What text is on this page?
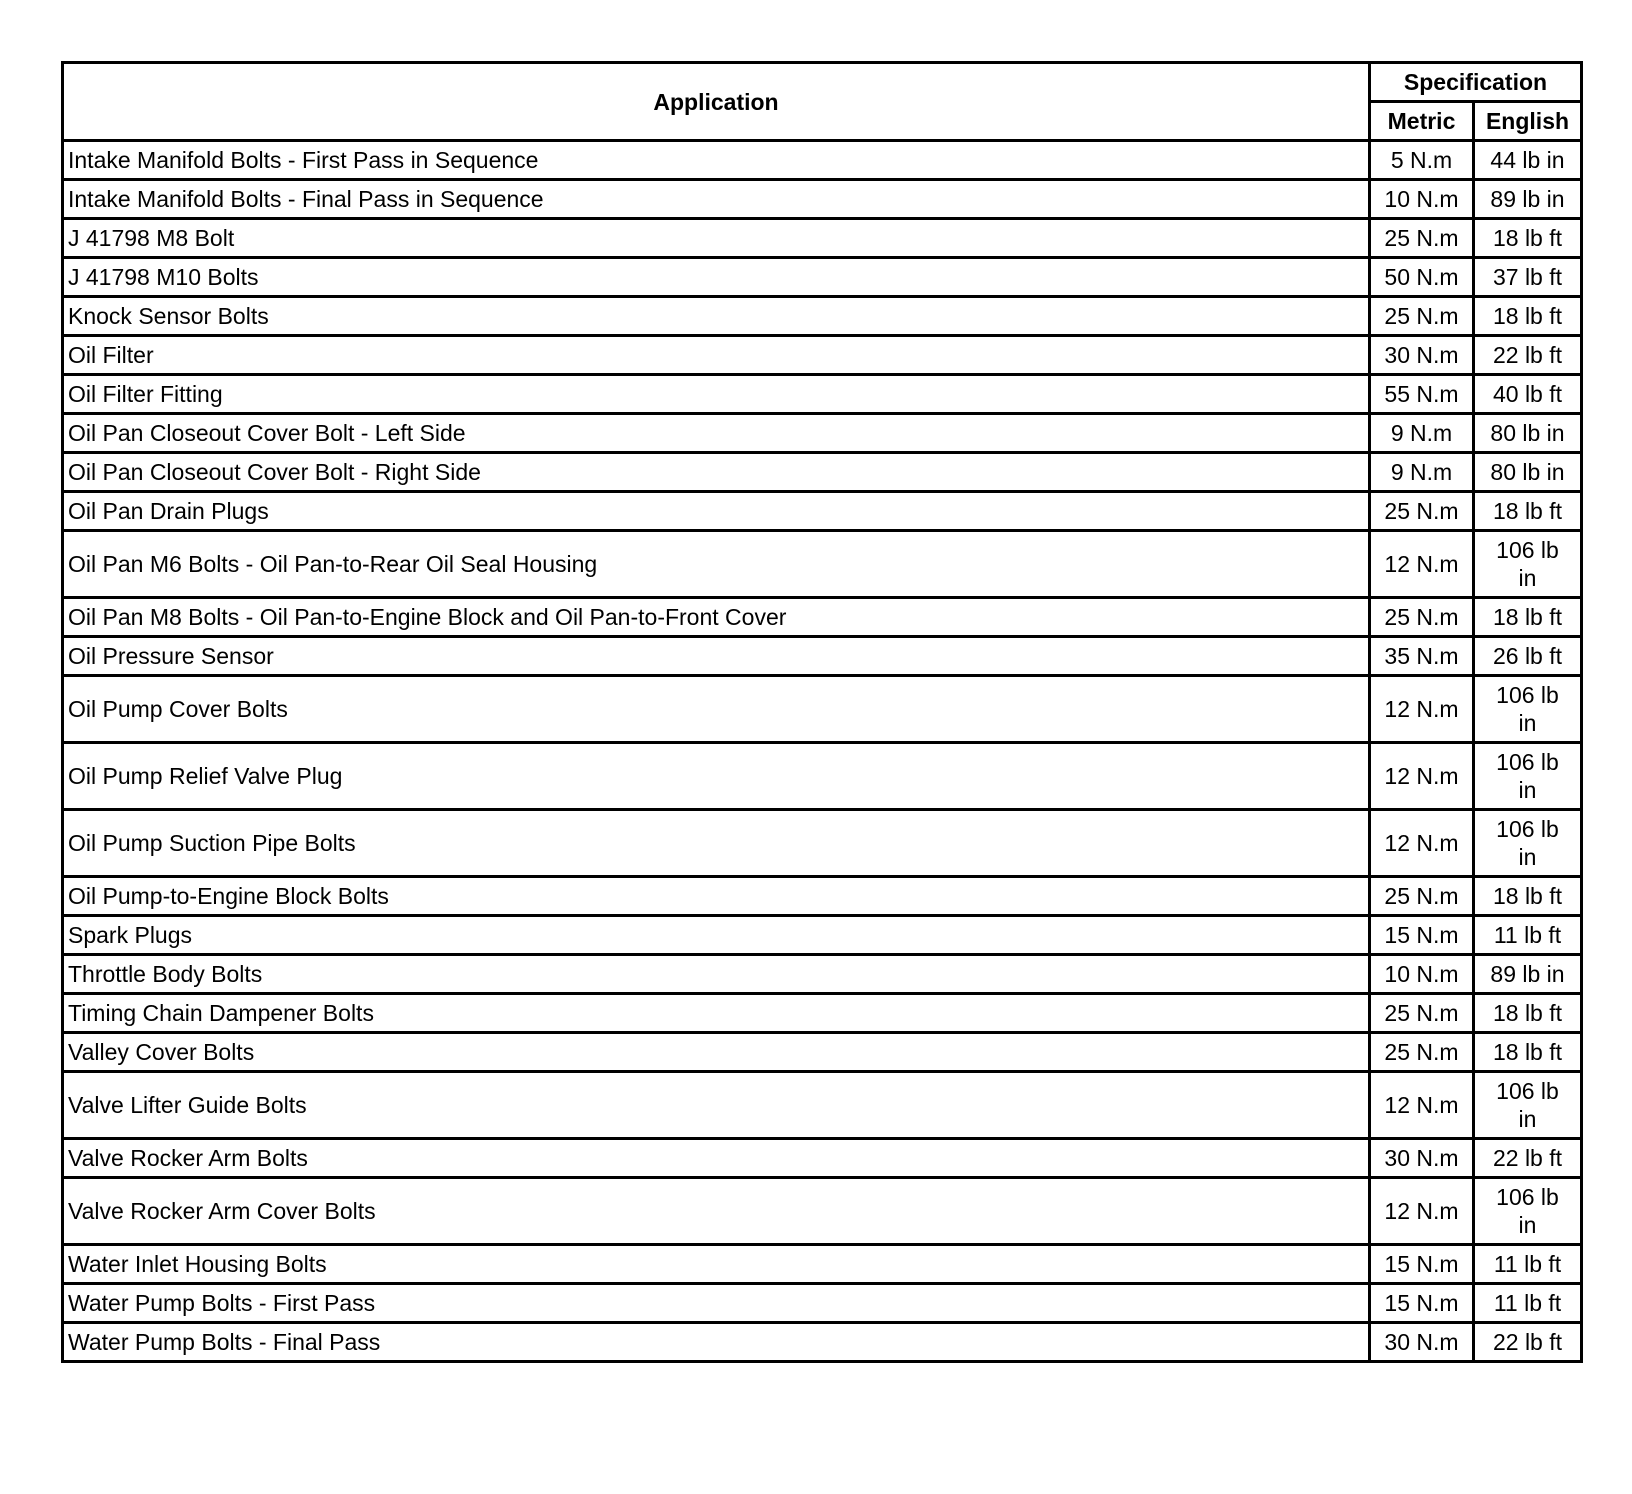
Application	Specification	
	Metric	English
Intake Manifold Bolts - First Pass in Sequence	5 N.m	44 lb in
Intake Manifold Bolts - Final Pass in Sequence	10 N.m	89 lb in
J 41798 M8 Bolt	25 N.m	18 lb ft
J 41798 M10 Bolts	50 N.m	37 lb ft
Knock Sensor Bolts	25 N.m	18 lb ft
Oil Filter	30 N.m	22 lb ft
Oil Filter Fitting	55 N.m	40 lb ft
Oil Pan Closeout Cover Bolt - Left Side	9 N.m	80 lb in
Oil Pan Closeout Cover Bolt - Right Side	9 N.m	80 lb in
Oil Pan Drain Plugs	25 N.m	18 lb ft
Oil Pan M6 Bolts - Oil Pan-to-Rear Oil Seal Housing	12 N.m	106 lb in
Oil Pan M8 Bolts - Oil Pan-to-Engine Block and Oil Pan-to-Front Cover	25 N.m	18 lb ft
Oil Pressure Sensor	35 N.m	26 lb ft
Oil Pump Cover Bolts	12 N.m	106 lb in
Oil Pump Relief Valve Plug	12 N.m	106 lb in
Oil Pump Suction Pipe Bolts	12 N.m	106 lb in
Oil Pump-to-Engine Block Bolts	25 N.m	18 lb ft
Spark Plugs	15 N.m	11 lb ft
Throttle Body Bolts	10 N.m	89 lb in
Timing Chain Dampener Bolts	25 N.m	18 lb ft
Valley Cover Bolts	25 N.m	18 lb ft
Valve Lifter Guide Bolts	12 N.m	106 lb in
Valve Rocker Arm Bolts	30 N.m	22 lb ft
Valve Rocker Arm Cover Bolts	12 N.m	106 lb in
Water Inlet Housing Bolts	15 N.m	11 lb ft
Water Pump Bolts - First Pass	15 N.m	11 lb ft
Water Pump Bolts - Final Pass	30 N.m	22 lb ft
